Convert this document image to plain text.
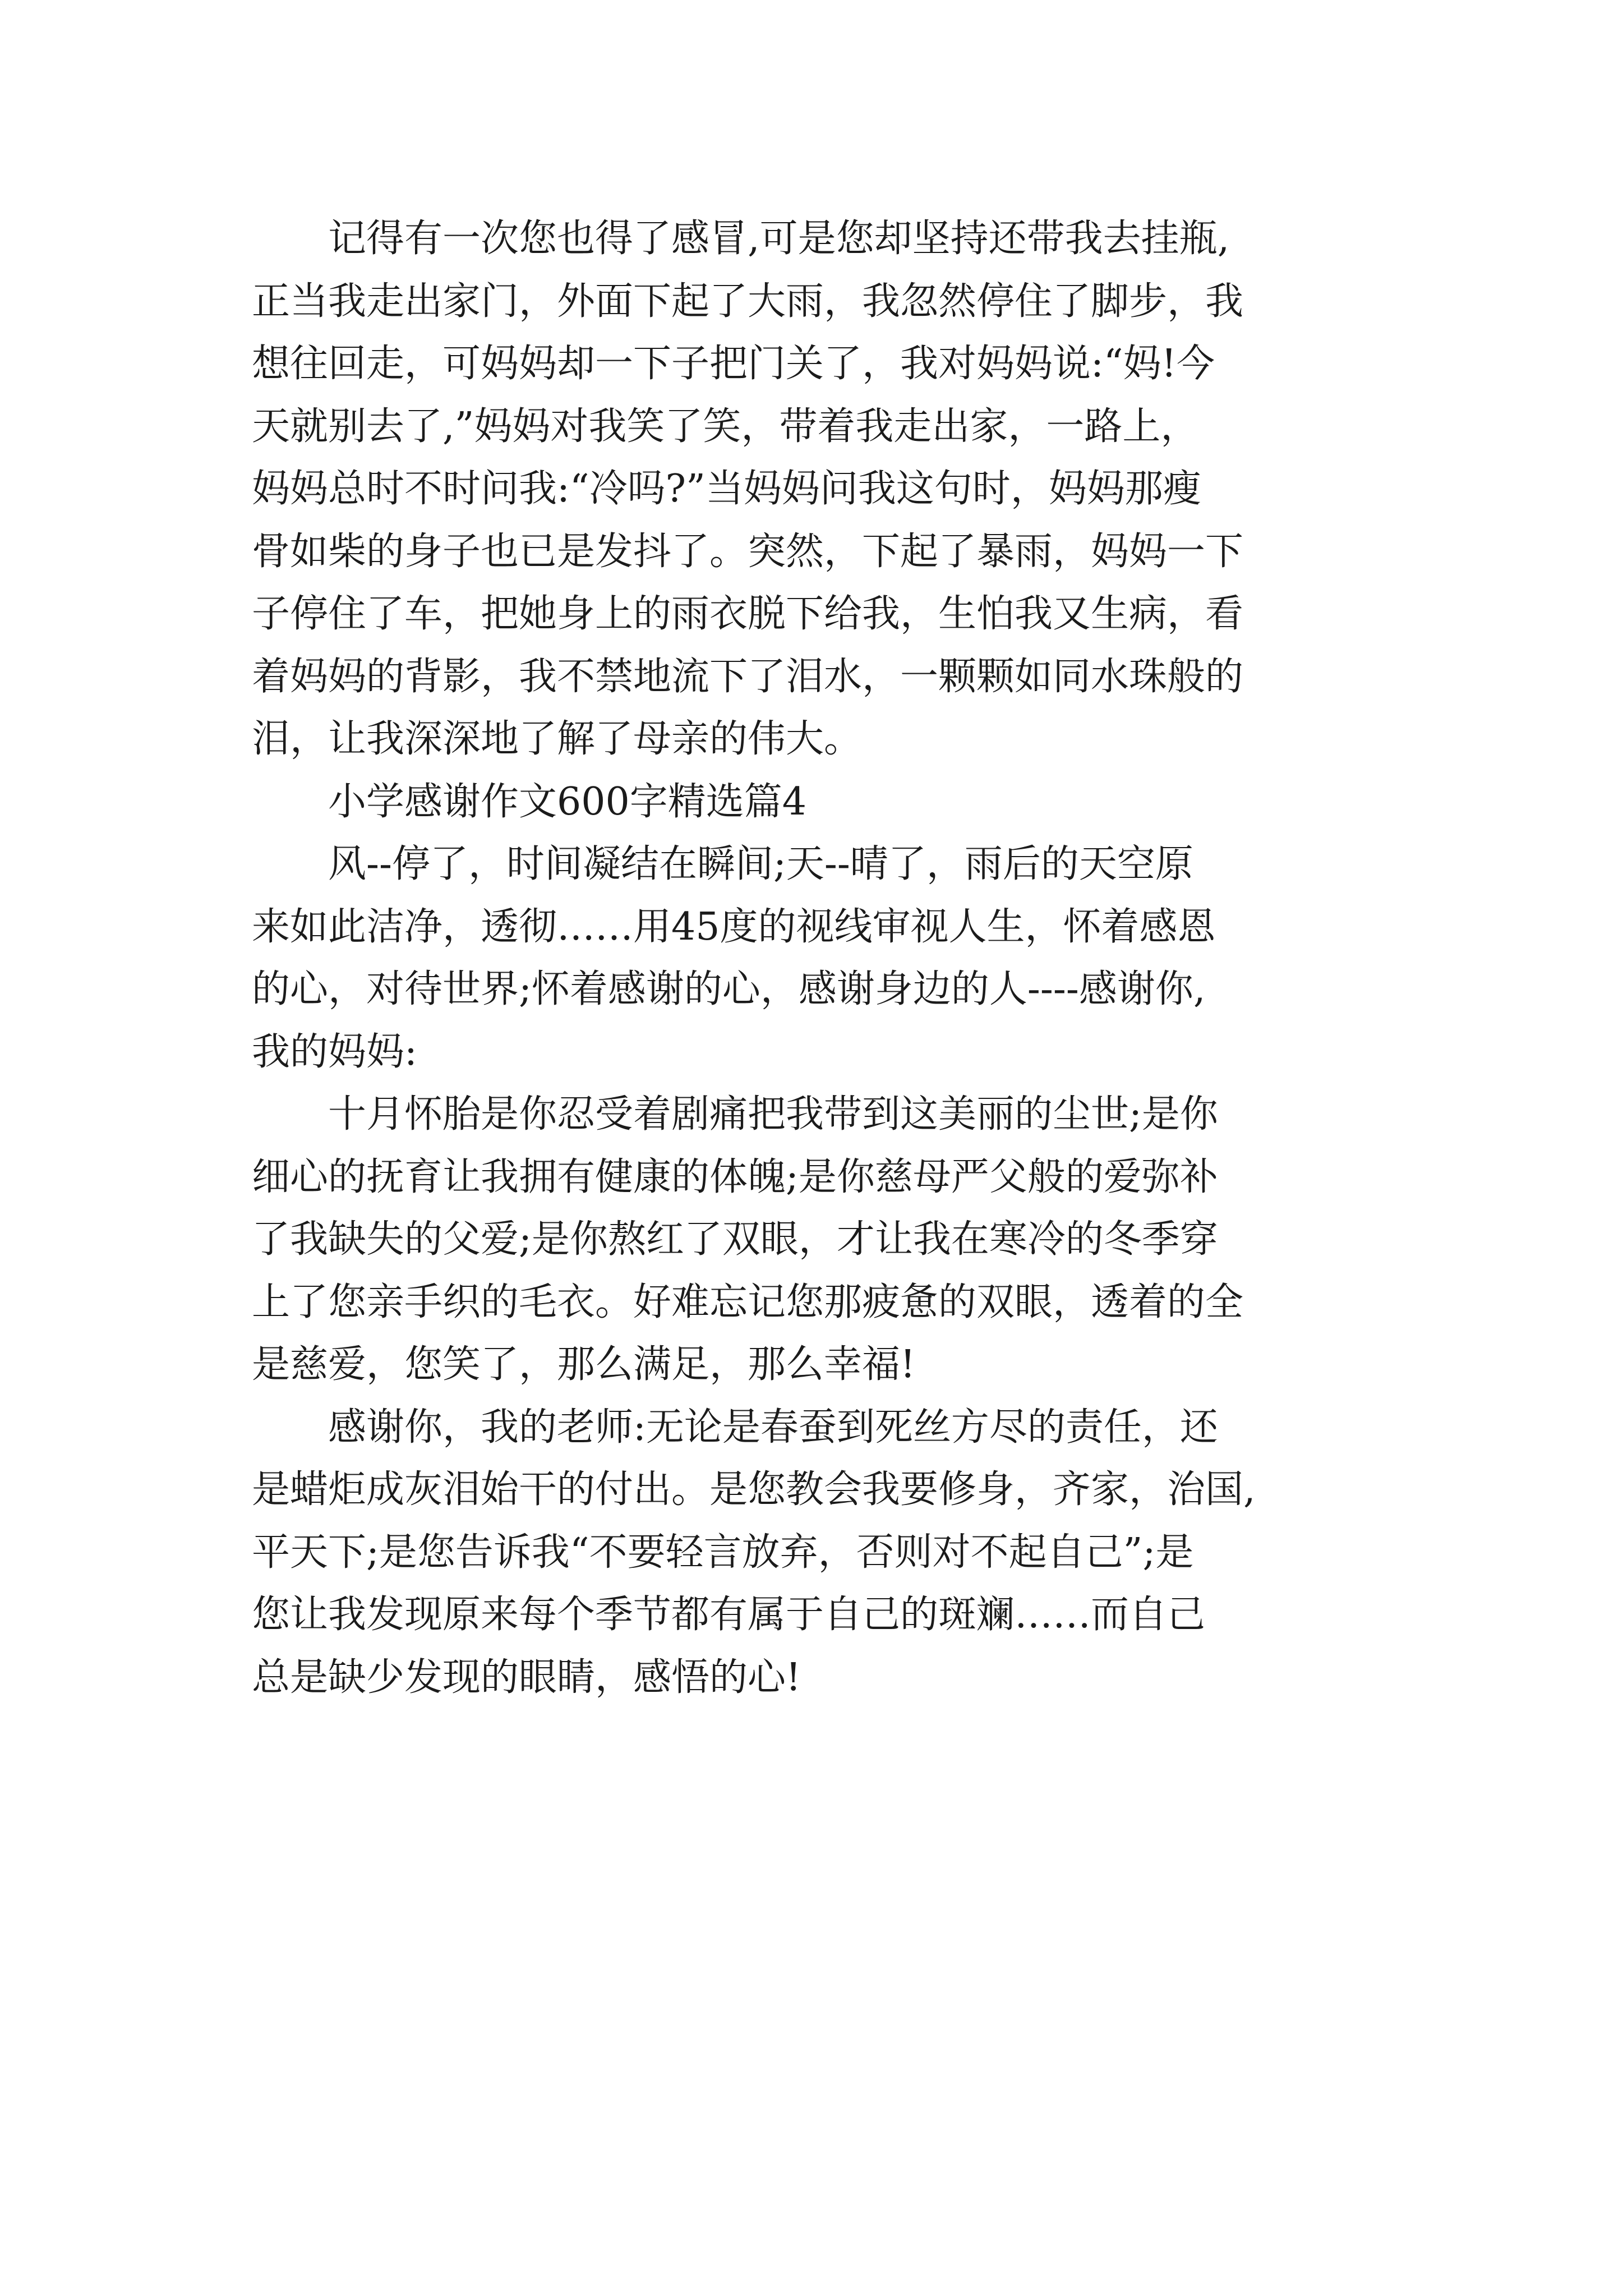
记得有一次您也得了感冒,可是您却坚持还带我去挂瓶,
正当我走出家门，外面下起了大雨，我忽然停住了脚步，我
想往回走，可妈妈却一下子把门关了，我对妈妈说:“妈!今
天就别去了,”妈妈对我笑了笑，带着我走出家，一路上，
妈妈总时不时问我:“冷吗?”当妈妈问我这句时，妈妈那瘦
骨如柴的身子也已是发抖了。突然，下起了暴雨，妈妈一下
子停住了车，把她身上的雨衣脱下给我，生怕我又生病，看
着妈妈的背影，我不禁地流下了泪水，一颗颗如同水珠般的
泪，让我深深地了解了母亲的伟大。
小学感谢作文600字精选篇4
风--停了，时间凝结在瞬间;天--晴了，雨后的天空原
来如此洁净，透彻……用45度的视线审视人生，怀着感恩
的心，对待世界;怀着感谢的心，感谢身边的人----感谢你,
我的妈妈:
十月怀胎是你忍受着剧痛把我带到这美丽的尘世;是你
细心的抚育让我拥有健康的体魄;是你慈母严父般的爱弥补
了我缺失的父爱;是你熬红了双眼，才让我在寒冷的冬季穿
上了您亲手织的毛衣。好难忘记您那疲惫的双眼，透着的全
是慈爱，您笑了，那么满足，那么幸福!
感谢你，我的老师:无论是春蚕到死丝方尽的责任，还
是蜡炬成灰泪始干的付出。是您教会我要修身，齐家，治国,
平天下;是您告诉我“不要轻言放弃，否则对不起自己”;是
您让我发现原来每个季节都有属于自己的斑斓……而自己
总是缺少发现的眼睛，感悟的心!
